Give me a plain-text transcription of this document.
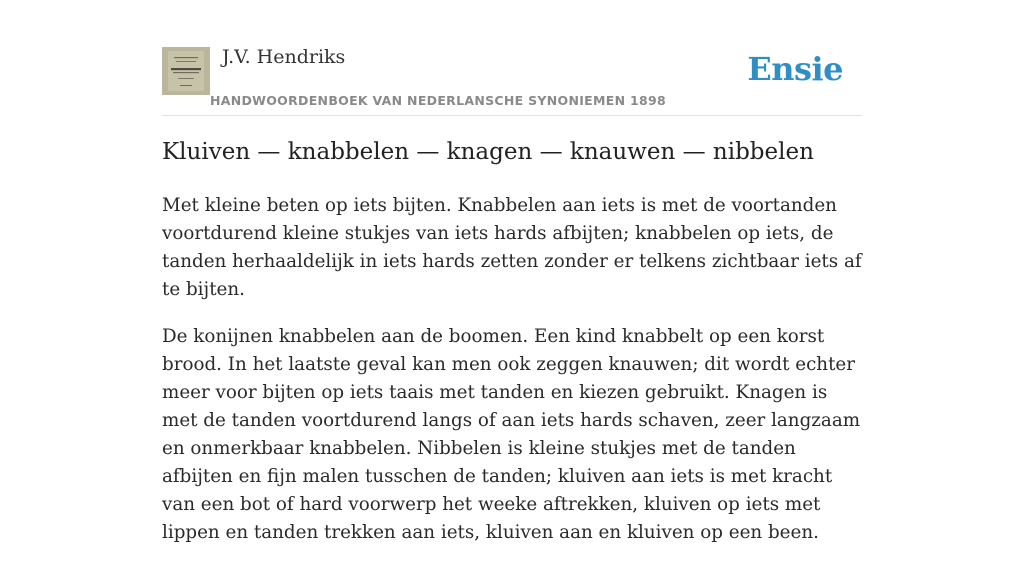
J.V. Hendriks
HANDWOORDENBOEK VAN NEDERLANSCHE SYNONIEMEN 1898
Ensie
Kluiven — knabbelen — knagen — knauwen — nibbelen

Met kleine beten op iets bijten. Knabbelen aan iets is met de voortanden voortdurend kleine stukjes van iets hards afbijten; knabbelen op iets, de tanden herhaaldelijk in iets hards zetten zonder er telkens zichtbaar iets af te bijten.

De konijnen knabbelen aan de boomen. Een kind knabbelt op een korst brood. In het laatste geval kan men ook zeggen knauwen; dit wordt echter meer voor bijten op iets taais met tanden en kiezen gebruikt. Knagen is met de tanden voortdurend langs of aan iets hards schaven, zeer langzaam en onmerkbaar knabbelen. Nibbelen is kleine stukjes met de tanden afbijten en fijn malen tusschen de tanden; kluiven aan iets is met kracht van een bot of hard voorwerp het weeke aftrekken, kluiven op iets met lippen en tanden trekken aan iets, kluiven aan en kluiven op een been.
